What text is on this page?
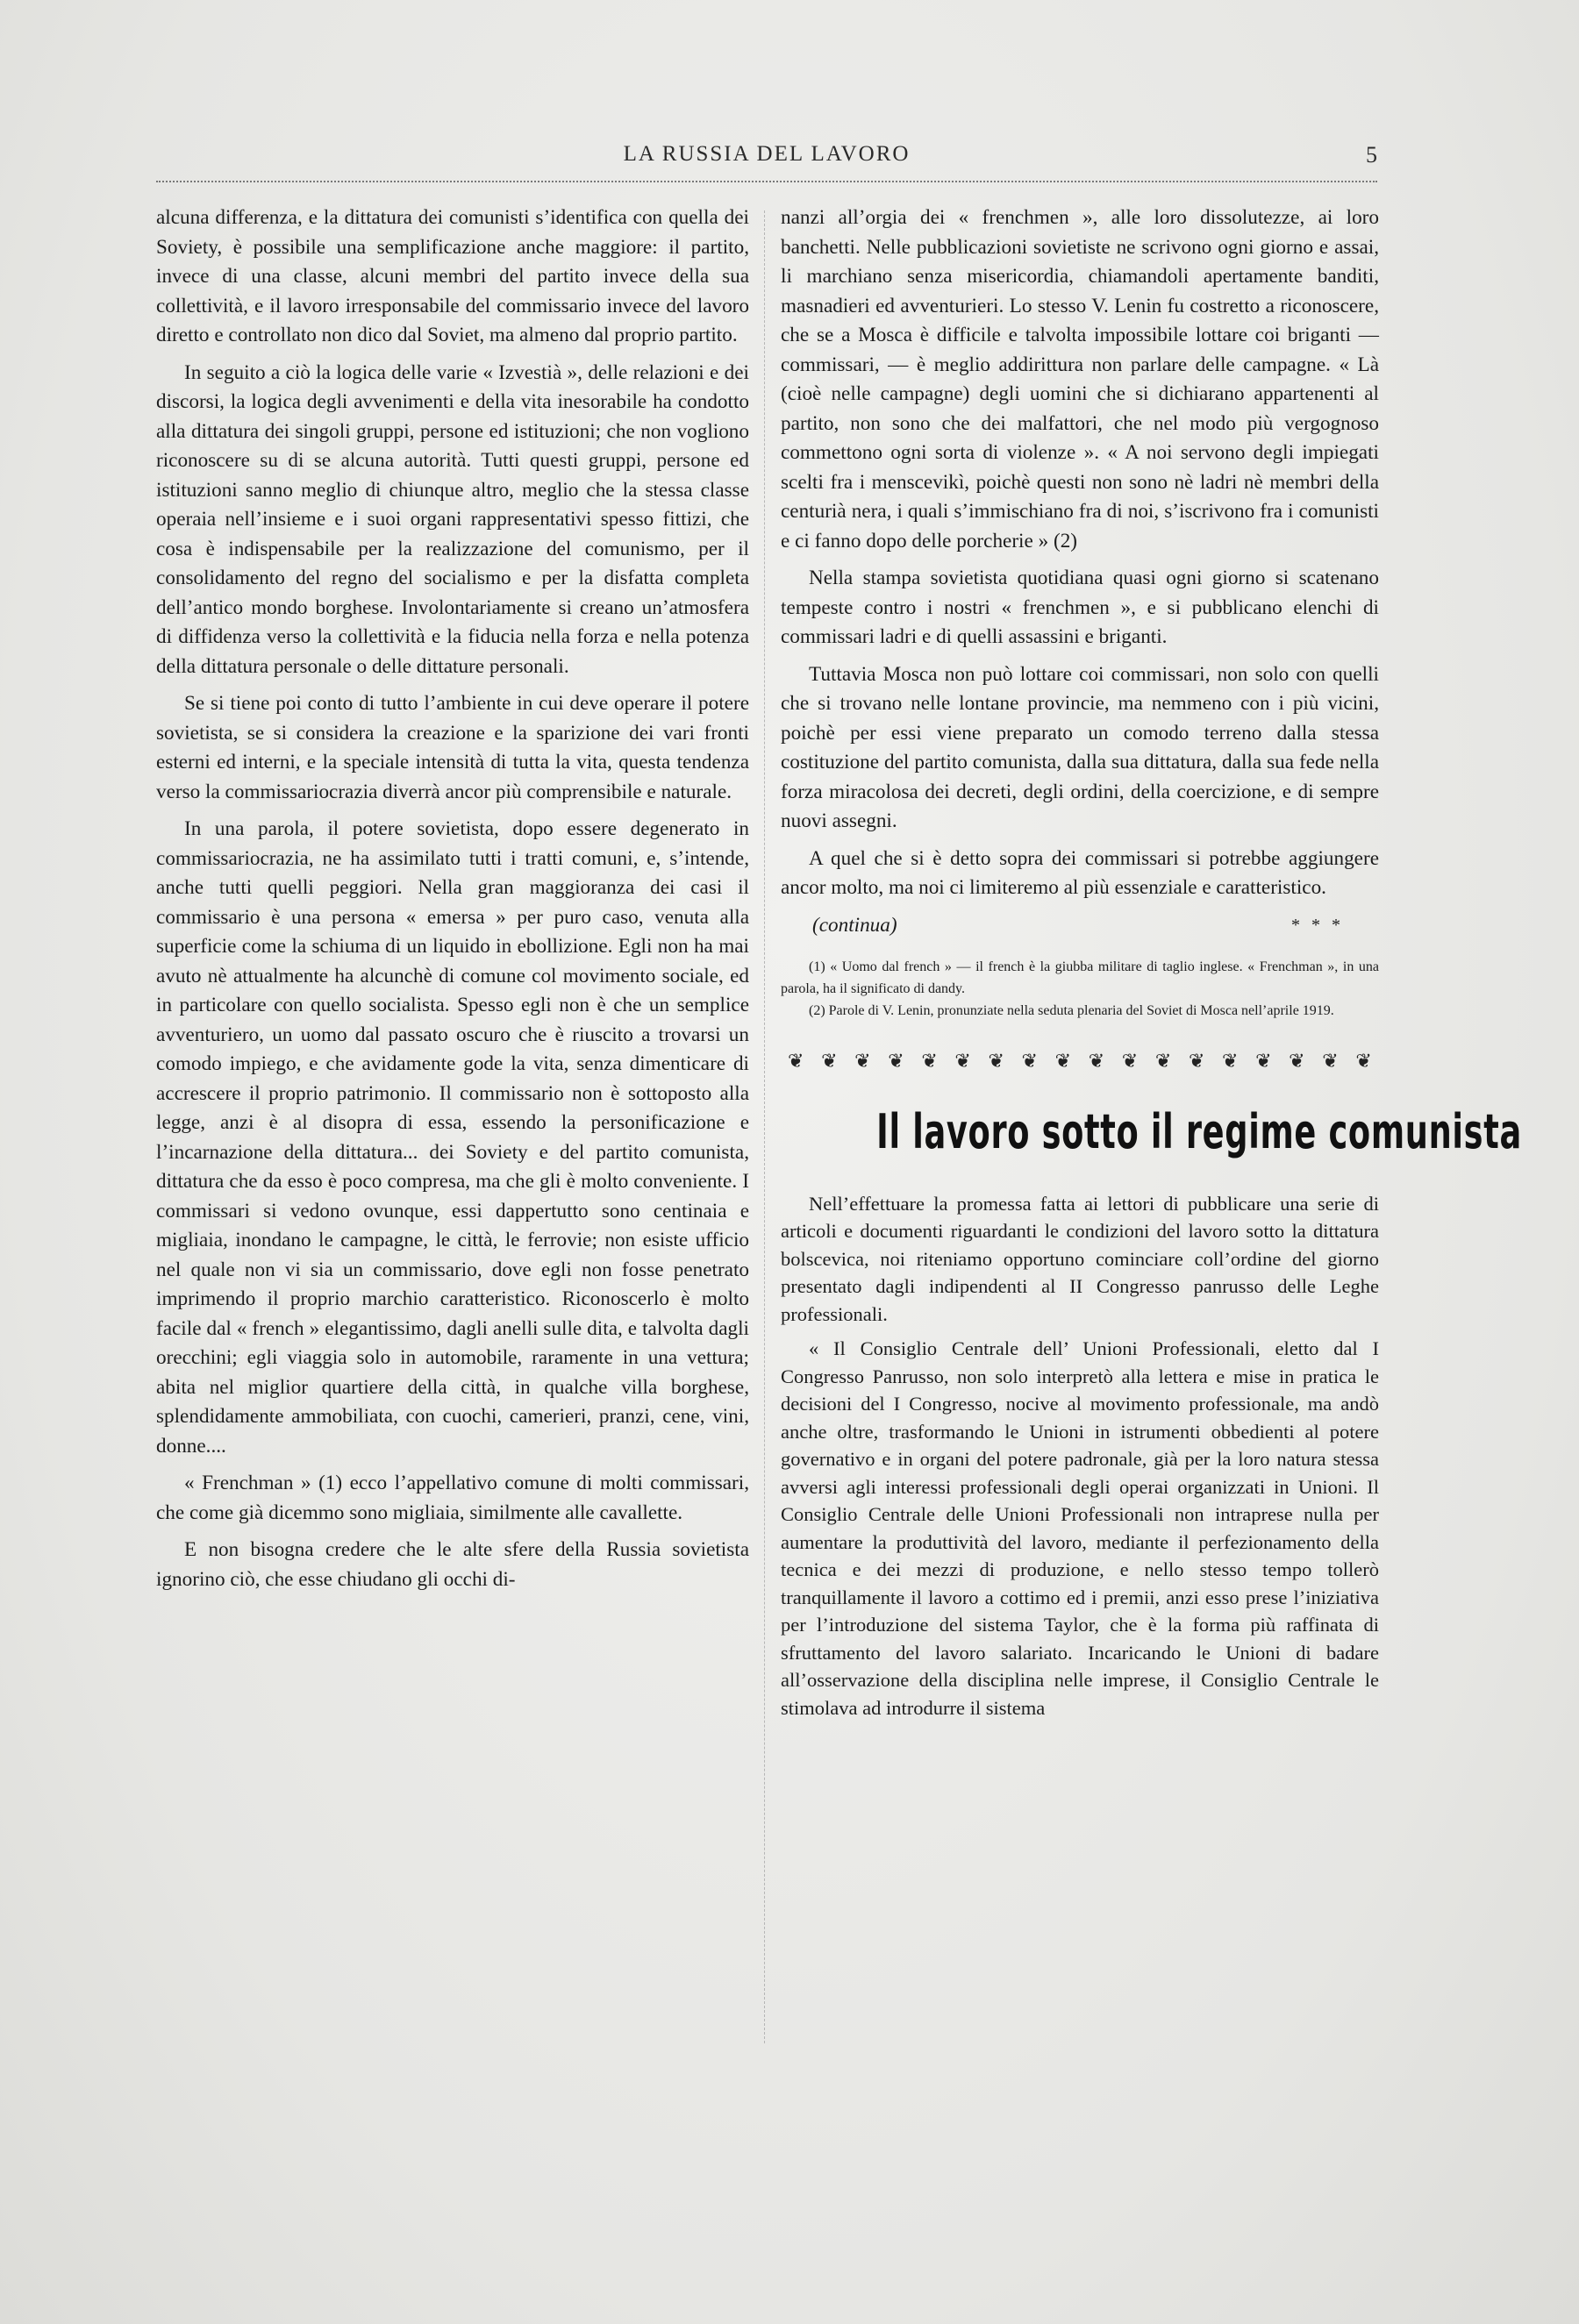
LA RUSSIA DEL LAVORO	5

alcuna differenza, e la dittatura dei comunisti s’identifica con quella dei Soviety, è possibile una semplificazione anche maggiore: il partito, invece di una classe, alcuni membri del partito invece della sua collettività, e il lavoro irresponsabile del commissario invece del lavoro diretto e controllato non dico dal Soviet, ma almeno dal proprio partito.

In seguito a ciò la logica delle varie « Izvestià », delle relazioni e dei discorsi, la logica degli avvenimenti e della vita inesorabile ha condotto alla dittatura dei singoli gruppi, persone ed istituzioni; che non vogliono riconoscere su di se alcuna autorità. Tutti questi gruppi, persone ed istituzioni sanno meglio di chiunque altro, meglio che la stessa classe operaia nell’insieme e i suoi organi rappresentativi spesso fittizi, che cosa è indispensabile per la realizzazione del comunismo, per il consolidamento del regno del socialismo e per la disfatta completa dell’antico mondo borghese. Involontariamente si creano un’atmosfera di diffidenza verso la collettività e la fiducia nella forza e nella potenza della dittatura personale o delle dittature personali.

Se si tiene poi conto di tutto l’ambiente in cui deve operare il potere sovietista, se si considera la creazione e la sparizione dei vari fronti esterni ed interni, e la speciale intensità di tutta la vita, questa tendenza verso la commissariocrazia diverrà ancor più comprensibile e naturale.

In una parola, il potere sovietista, dopo essere degenerato in commissariocrazia, ne ha assimilato tutti i tratti comuni, e, s’intende, anche tutti quelli peggiori. Nella gran maggioranza dei casi il commissario è una persona « emersa » per puro caso, venuta alla superficie come la schiuma di un liquido in ebollizione. Egli non ha mai avuto nè attualmente ha alcunchè di comune col movimento sociale, ed in particolare con quello socialista. Spesso egli non è che un semplice avventuriero, un uomo dal passato oscuro che è riuscito a trovarsi un comodo impiego, e che avidamente gode la vita, senza dimenticare di accrescere il proprio patrimonio. Il commissario non è sottoposto alla legge, anzi è al disopra di essa, essendo la personificazione e l’incarnazione della dittatura... dei Soviety e del partito comunista, dittatura che da esso è poco compresa, ma che gli è molto conveniente. I commissari si vedono ovunque, essi dappertutto sono centinaia e migliaia, inondano le campagne, le città, le ferrovie; non esiste ufficio nel quale non vi sia un commissario, dove egli non fosse penetrato imprimendo il proprio marchio caratteristico. Riconoscerlo è molto facile dal « french » elegantissimo, dagli anelli sulle dita, e talvolta dagli orecchini; egli viaggia solo in automobile, raramente in una vettura; abita nel miglior quartiere della città, in qualche villa borghese, splendidamente ammobiliata, con cuochi, camerieri, pranzi, cene, vini, donne....

« Frenchman » (1) ecco l’appellativo comune di molti commissari, che come già dicemmo sono migliaia, similmente alle cavallette.

E non bisogna credere che le alte sfere della Russia sovietista ignorino ciò, che esse chiudano gli occhi di-

nanzi all’orgia dei « frenchmen », alle loro dissolutezze, ai loro banchetti. Nelle pubblicazioni sovietiste ne scrivono ogni giorno e assai, li marchiano senza misericordia, chiamandoli apertamente banditi, masnadieri ed avventurieri. Lo stesso V. Lenin fu costretto a riconoscere, che se a Mosca è difficile e talvolta impossibile lottare coi briganti — commissari, — è meglio addirittura non parlare delle campagne. « Là (cioè nelle campagne) degli uomini che si dichiarano appartenenti al partito, non sono che dei malfattori, che nel modo più vergognoso commettono ogni sorta di violenze ». « A noi servono degli impiegati scelti fra i menscevikì, poichè questi non sono nè ladri nè membri della centurià nera, i quali s’immischiano fra di noi, s’iscrivono fra i comunisti e ci fanno dopo delle porcherie » (2)

Nella stampa sovietista quotidiana quasi ogni giorno si scatenano tempeste contro i nostri « frenchmen », e si pubblicano elenchi di commissari ladri e di quelli assassini e briganti.

Tuttavia Mosca non può lottare coi commissari, non solo con quelli che si trovano nelle lontane provincie, ma nemmeno con i più vicini, poichè per essi viene preparato un comodo terreno dalla stessa costituzione del partito comunista, dalla sua dittatura, dalla sua fede nella forza miracolosa dei decreti, degli ordini, della coercizione, e di sempre nuovi assegni.

A quel che si è detto sopra dei commissari si potrebbe aggiungere ancor molto, ma noi ci limiteremo al più essenziale e caratteristico.

(continua)	* * *

(1) « Uomo dal french » — il french è la giubba militare di taglio inglese. « Frenchman », in una parola, ha il significato di dandy.

(2) Parole di V. Lenin, pronunziate nella seduta plenaria del Soviet di Mosca nell’aprile 1919.

❦ ❦ ❦ ❦ ❦ ❦ ❦ ❦ ❦ ❦ ❦ ❦ ❦ ❦ ❦ ❦ ❦ ❦
Il lavoro sotto il regime comunista

Nell’effettuare la promessa fatta ai lettori di pubblicare una serie di articoli e documenti riguardanti le condizioni del lavoro sotto la dittatura bolscevica, noi riteniamo opportuno cominciare coll’ordine del giorno presentato dagli indipendenti al II Congresso panrusso delle Leghe professionali.

« Il Consiglio Centrale dell’ Unioni Professionali, eletto dal I Congresso Panrusso, non solo interpretò alla lettera e mise in pratica le decisioni del I Congresso, nocive al movimento professionale, ma andò anche oltre, trasformando le Unioni in istrumenti obbedienti al potere governativo e in organi del potere padronale, già per la loro natura stessa avversi agli interessi professionali degli operai organizzati in Unioni. Il Consiglio Centrale delle Unioni Professionali non intraprese nulla per aumentare la produttività del lavoro, mediante il perfezionamento della tecnica e dei mezzi di produzione, e nello stesso tempo tollerò tranquillamente il lavoro a cottimo ed i premii, anzi esso prese l’iniziativa per l’introduzione del sistema Taylor, che è la forma più raffinata di sfruttamento del lavoro salariato. Incaricando le Unioni di badare all’osservazione della disciplina nelle imprese, il Consiglio Centrale le stimolava ad introdurre il sistema
